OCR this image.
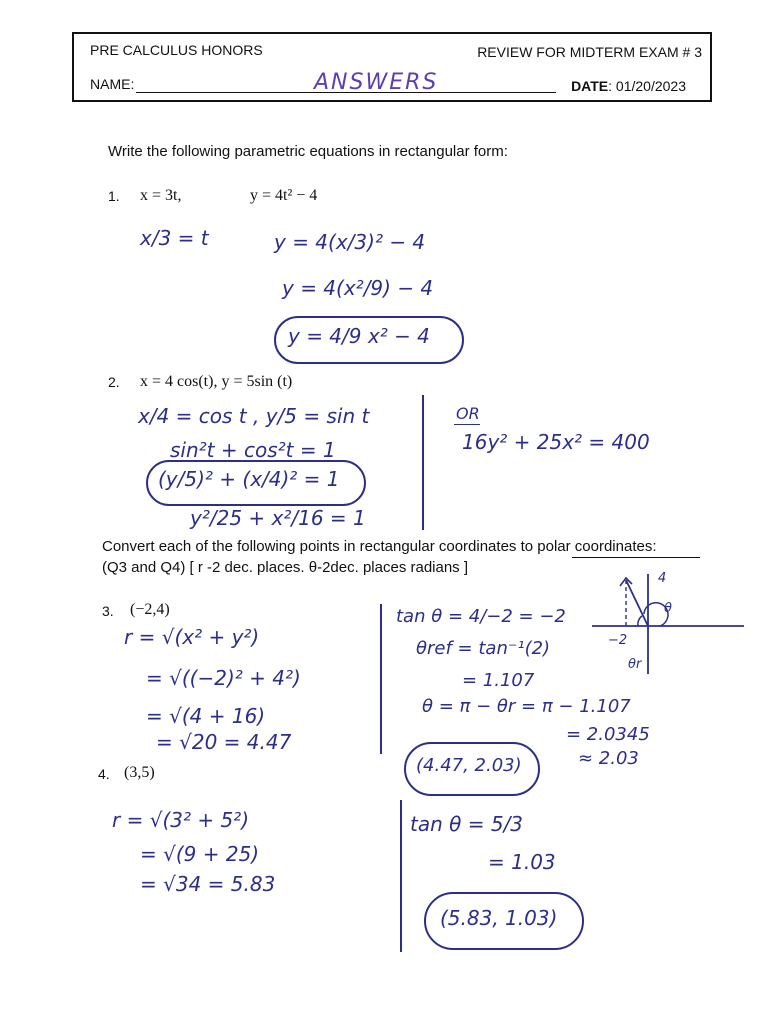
PRE CALCULUS HONORS	REVIEW FOR MIDTERM EXAM # 3
NAME:	ANSWERS	DATE: 01/20/2023
Write the following parametric equations in rectangular form:
1. x = 3t,	y = 4t² − 4
x/3 = t	y = 4(x/3)² − 4
y = 4(x²/9) − 4
y = 4/9 x² − 4
2. x = 4 cos(t), y = 5sin (t)
x/4 = cos t , y/5 = sin t
sin²t + cos²t = 1
(y/5)² + (x/4)² = 1
y²/25 + x²/16 = 1
OR
16y² + 25x² = 400
Convert each of the following points in rectangular coordinates to polar coordinates:
(Q3 and Q4) [ r -2 dec. places. θ-2dec. places radians ]
3. (−2,4)
r = √(x² + y²)
= √((−2)² + 4²)
= √(4 + 16)
= √20 = 4.47
tan θ = 4/−2 = −2
θref = tan⁻¹(2)
= 1.107
θ = π − θr = π − 1.107
= 2.0345
≈ 2.03
(4.47, 2.03)
4
−2
θ
θr
4. (3,5)
r = √(3² + 5²)
= √(9 + 25)
= √34 = 5.83
tan θ = 5/3
= 1.03
(5.83, 1.03)
